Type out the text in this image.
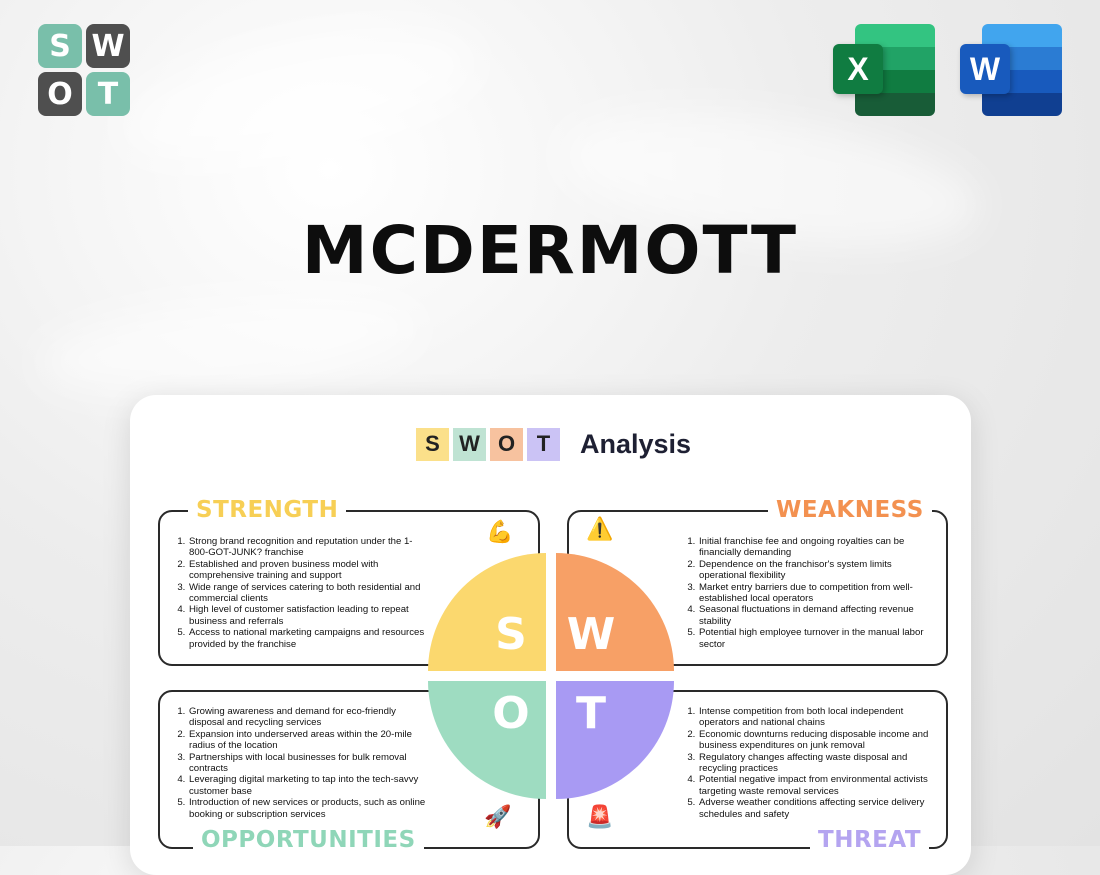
S W
O T
X	W
MCDERMOTT
S W O T	Analysis
S W
O T
STRENGTH	WEAKNESS
OPPORTUNITIES	THREAT
💪	⚠️
🚀	🚨
1. Strong brand recognition and reputation under the 1-800-GOT-JUNK? franchise
2. Established and proven business model with comprehensive training and support
3. Wide range of services catering to both residential and commercial clients
4. High level of customer satisfaction leading to repeat business and referrals
5. Access to national marketing campaigns and resources provided by the franchise
1. Initial franchise fee and ongoing royalties can be financially demanding
2. Dependence on the franchisor's system limits operational flexibility
3. Market entry barriers due to competition from well-established local operators
4. Seasonal fluctuations in demand affecting revenue stability
5. Potential high employee turnover in the manual labor sector
1. Growing awareness and demand for eco-friendly disposal and recycling services
2. Expansion into underserved areas within the 20-mile radius of the location
3. Partnerships with local businesses for bulk removal contracts
4. Leveraging digital marketing to tap into the tech-savvy customer base
5. Introduction of new services or products, such as online booking or subscription services
1. Intense competition from both local independent operators and national chains
2. Economic downturns reducing disposable income and business expenditures on junk removal
3. Regulatory changes affecting waste disposal and recycling practices
4. Potential negative impact from environmental activists targeting waste removal services
5. Adverse weather conditions affecting service delivery schedules and safety
